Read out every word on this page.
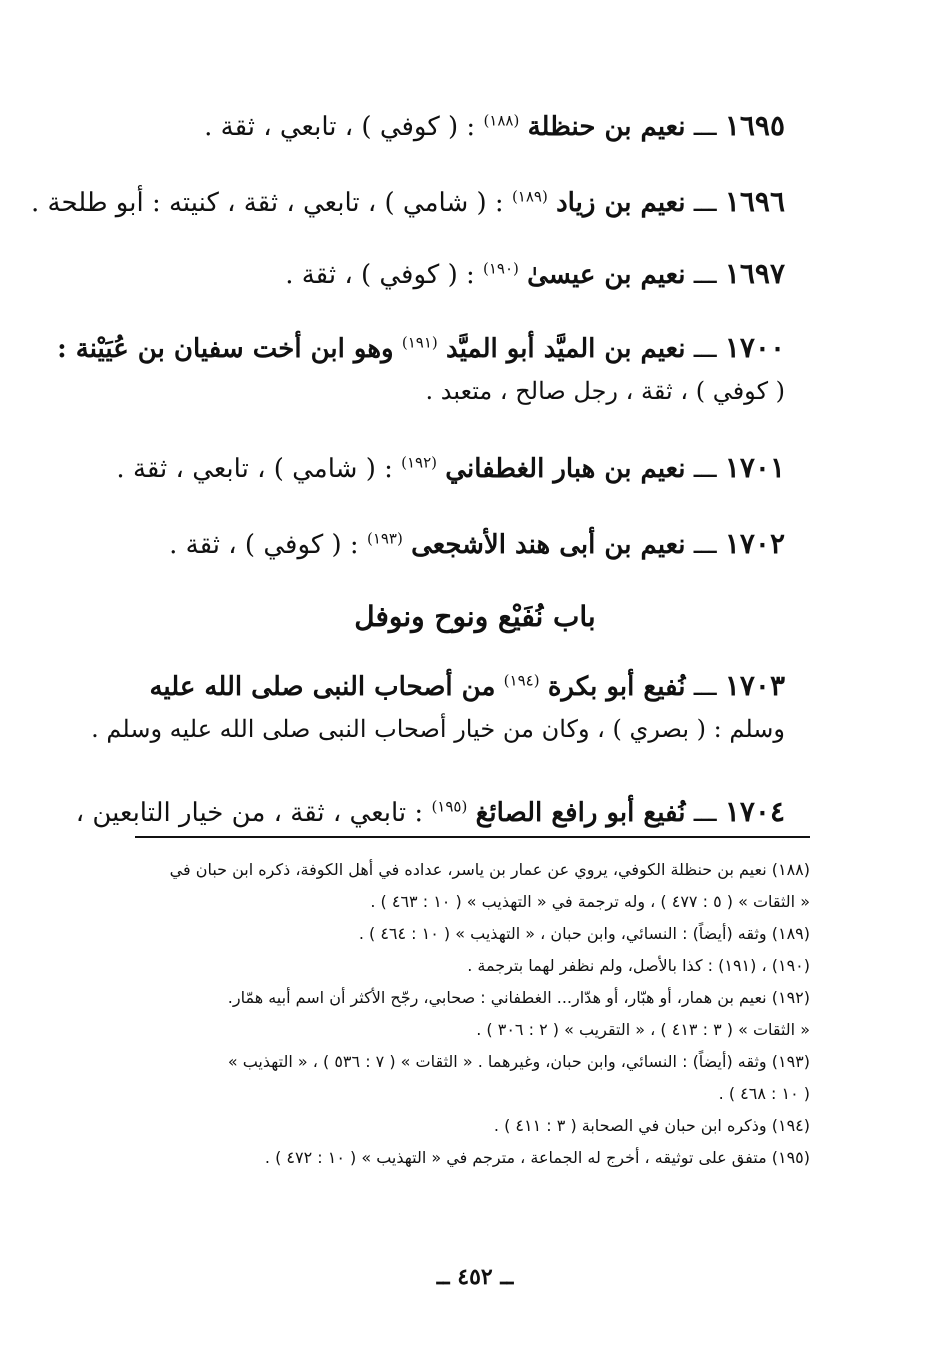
١٦٩٥ ـــ نعيم بن حنظلة $^{(١٨٨)}$ : ( كوفي ) ، تابعي ، ثقة .
١٦٩٦ ـــ نعيم بن زياد $^{(١٨٩)}$ : ( شامي ) ، تابعي ، ثقة ، كنيته : أبو طلحة .
١٦٩٧ ـــ نعيم بن عيسىٰ $^{(١٩٠)}$ : ( كوفي ) ، ثقة .
١٧٠٠ ـــ نعيم بن الميَّد أبو الميَّد $^{(١٩١)}$ وهو ابن أخت سفيان بن عُيَيْنة :
( كوفي ) ، ثقة ، رجل صالح ، متعبد .
١٧٠١ ـــ نعيم بن هبار الغطفاني $^{(١٩٢)}$ : ( شامي ) ، تابعي ، ثقة .
١٧٠٢ ـــ نعيم بن أبى هند الأشجعى $^{(١٩٣)}$ : ( كوفي ) ، ثقة .
باب نُفَيْع ونوح ونوفل
١٧٠٣ ـــ نُفيع أبو بكرة $^{(١٩٤)}$ من أصحاب النبى صلى الله عليه
وسلم : ( بصري ) ، وكان من خيار أصحاب النبى صلى الله عليه وسلم .
١٧٠٤ ـــ نُفيع أبو رافع الصائغ $^{(١٩٥)}$ : تابعي ، ثقة ، من خيار التابعين ،
(١٨٨) نعيم بن حنظلة الكوفي، يروي عن عمار بن ياسر، عداده في أهل الكوفة، ذكره ابن حبان في
« الثقات » ( ٥ : ٤٧٧ ) ، وله ترجمة في « التهذيب » ( ١٠ : ٤٦٣ ) .
(١٨٩) وثقه (أيضاً) : النسائي، وابن حبان ، « التهذيب » ( ١٠ : ٤٦٤ ) .
(١٩٠) ، (١٩١) : كذا بالأصل، ولم نظفر لهما بترجمة .
(١٩٢) نعيم بن همار، أو هبّار، أو هدّار... الغطفاني : صحابي، رجّح الأكثر أن اسم أبيه همّار.
« الثقات » ( ٣ : ٤١٣ ) ، « التقريب » ( ٢ : ٣٠٦ ) .
(١٩٣) وثقه (أيضاً) : النسائي، وابن حبان، وغيرهما . « الثقات » ( ٧ : ٥٣٦ ) ، « التهذيب »
( ١٠ : ٤٦٨ ) .
(١٩٤) وذكره ابن حبان في الصحابة ( ٣ : ٤١١ ) .
(١٩٥) متفق على توثيقه ، أخرج له الجماعة ، مترجم في « التهذيب » ( ١٠ : ٤٧٢ ) .
ــ ٤٥٢ ــ
